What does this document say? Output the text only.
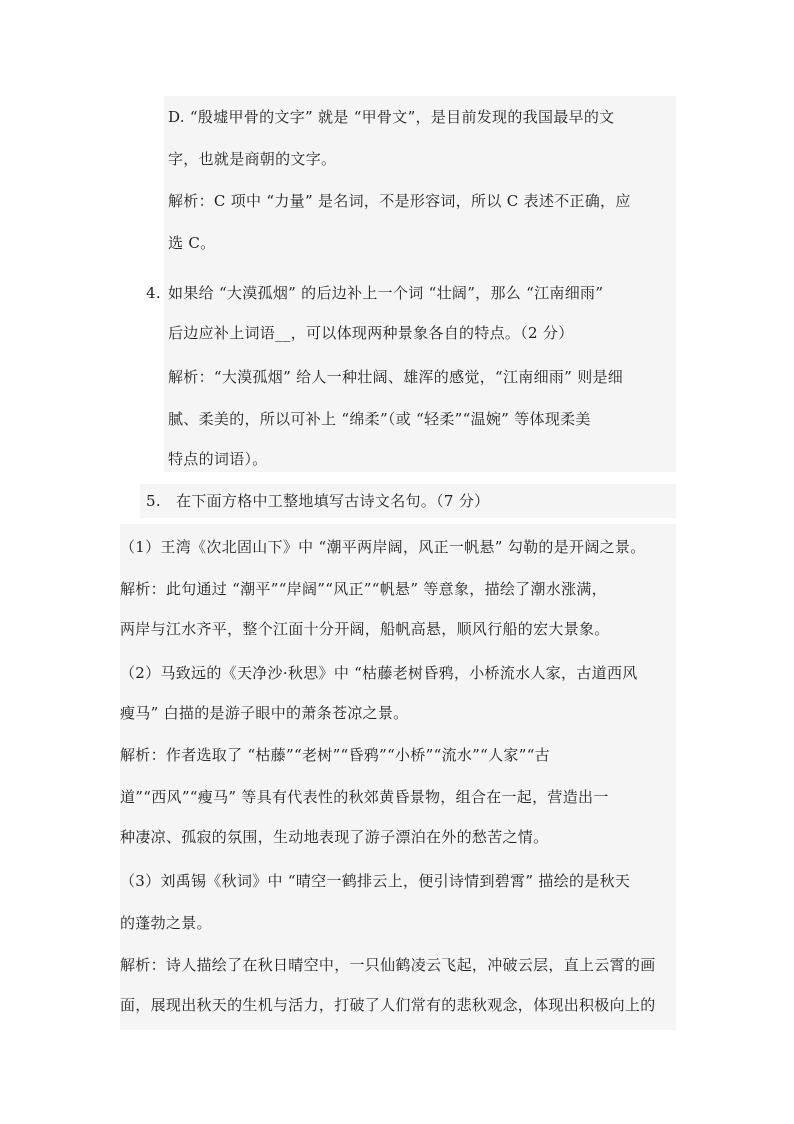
D. “殷墟甲骨的文字” 就是 “甲骨文”，是目前发现的我国最早的文
字，也就是商朝的文字。
解析：C 项中 “力量” 是名词，不是形容词，所以 C 表述不正确，应
选 C。
4. 如果给 “大漠孤烟” 的后边补上一个词 “壮阔”，那么 “江南细雨”
后边应补上词语__，可以体现两种景象各自的特点。（2 分）
解析：“大漠孤烟” 给人一种壮阔、雄浑的感觉，“江南细雨” 则是细
腻、柔美的，所以可补上 “绵柔”（或 “轻柔”“温婉” 等体现柔美
特点的词语）。
5. 在下面方格中工整地填写古诗文名句。（7 分）
（1）王湾《次北固山下》中 “潮平两岸阔，风正一帆悬” 勾勒的是开阔之景。
解析：此句通过 “潮平”“岸阔”“风正”“帆悬” 等意象，描绘了潮水涨满，
两岸与江水齐平，整个江面十分开阔，船帆高悬，顺风行船的宏大景象。
（2）马致远的《天净沙·秋思》中 “枯藤老树昏鸦，小桥流水人家，古道西风
瘦马” 白描的是游子眼中的萧条苍凉之景。
解析：作者选取了 “枯藤”“老树”“昏鸦”“小桥”“流水”“人家”“古
道”“西风”“瘦马” 等具有代表性的秋郊黄昏景物，组合在一起，营造出一
种凄凉、孤寂的氛围，生动地表现了游子漂泊在外的愁苦之情。
（3）刘禹锡《秋词》中 “晴空一鹤排云上，便引诗情到碧霄” 描绘的是秋天
的蓬勃之景。
解析：诗人描绘了在秋日晴空中，一只仙鹤凌云飞起，冲破云层，直上云霄的画
面，展现出秋天的生机与活力，打破了人们常有的悲秋观念，体现出积极向上的
